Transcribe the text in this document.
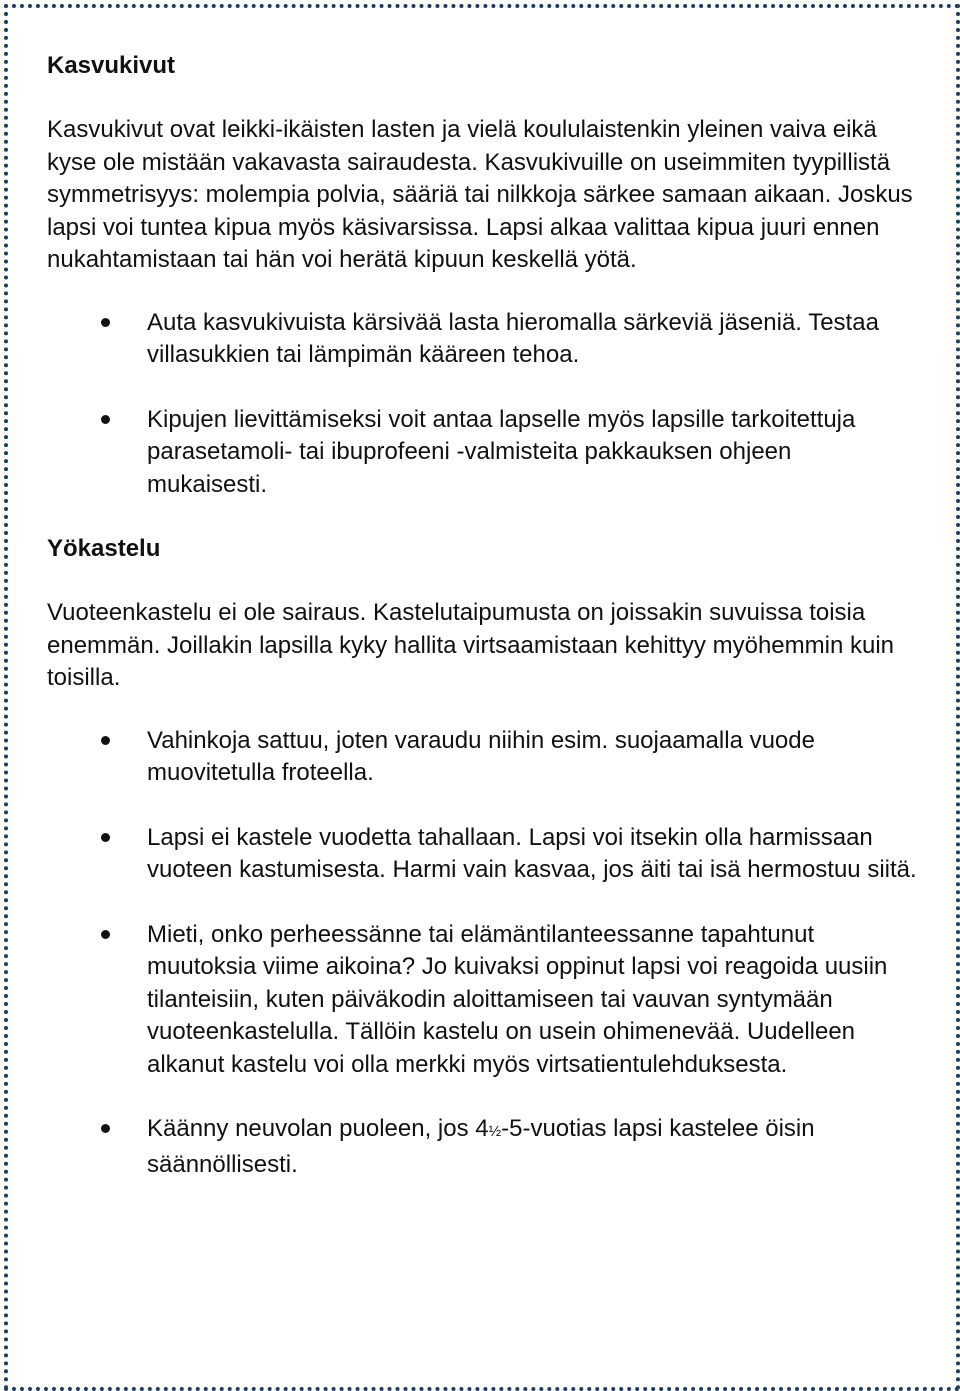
Kasvukivut

Kasvukivut ovat leikki-ikäisten lasten ja vielä koululaistenkin yleinen vaiva eikä kyse ole mistään vakavasta sairaudesta. Kasvukivuille on useimmiten tyypillistä symmetrisyys: molempia polvia, sääriä tai nilkkoja särkee samaan aikaan. Joskus lapsi voi tuntea kipua myös käsivarsissa. Lapsi alkaa valittaa kipua juuri ennen nukahtamistaan tai hän voi herätä kipuun keskellä yötä.

Auta kasvukivuista kärsivää lasta hieromalla särkeviä jäseniä. Testaa villasukkien tai lämpimän kääreen tehoa.
Kipujen lievittämiseksi voit antaa lapselle myös lapsille tarkoitettuja parasetamoli- tai ibuprofeeni -valmisteita pakkauksen ohjeen mukaisesti.
Yökastelu

Vuoteenkastelu ei ole sairaus. Kastelutaipumusta on joissakin suvuissa toisia enemmän. Joillakin lapsilla kyky hallita virtsaamistaan kehittyy myöhemmin kuin toisilla.

Vahinkoja sattuu, joten varaudu niihin esim. suojaamalla vuode muovitetulla froteella.
Lapsi ei kastele vuodetta tahallaan. Lapsi voi itsekin olla harmissaan vuoteen kastumisesta. Harmi vain kasvaa, jos äiti tai isä hermostuu siitä.
Mieti, onko perheessänne tai elämäntilanteessanne tapahtunut muutoksia viime aikoina? Jo kuivaksi oppinut lapsi voi reagoida uusiin tilanteisiin, kuten päiväkodin aloittamiseen tai vauvan syntymään vuoteenkastelulla. Tällöin kastelu on usein ohimenevää. Uudelleen alkanut kastelu voi olla merkki myös virtsatientulehduksesta.
Käänny neuvolan puoleen, jos 4½-5-vuotias lapsi kastelee öisin säännöllisesti.
